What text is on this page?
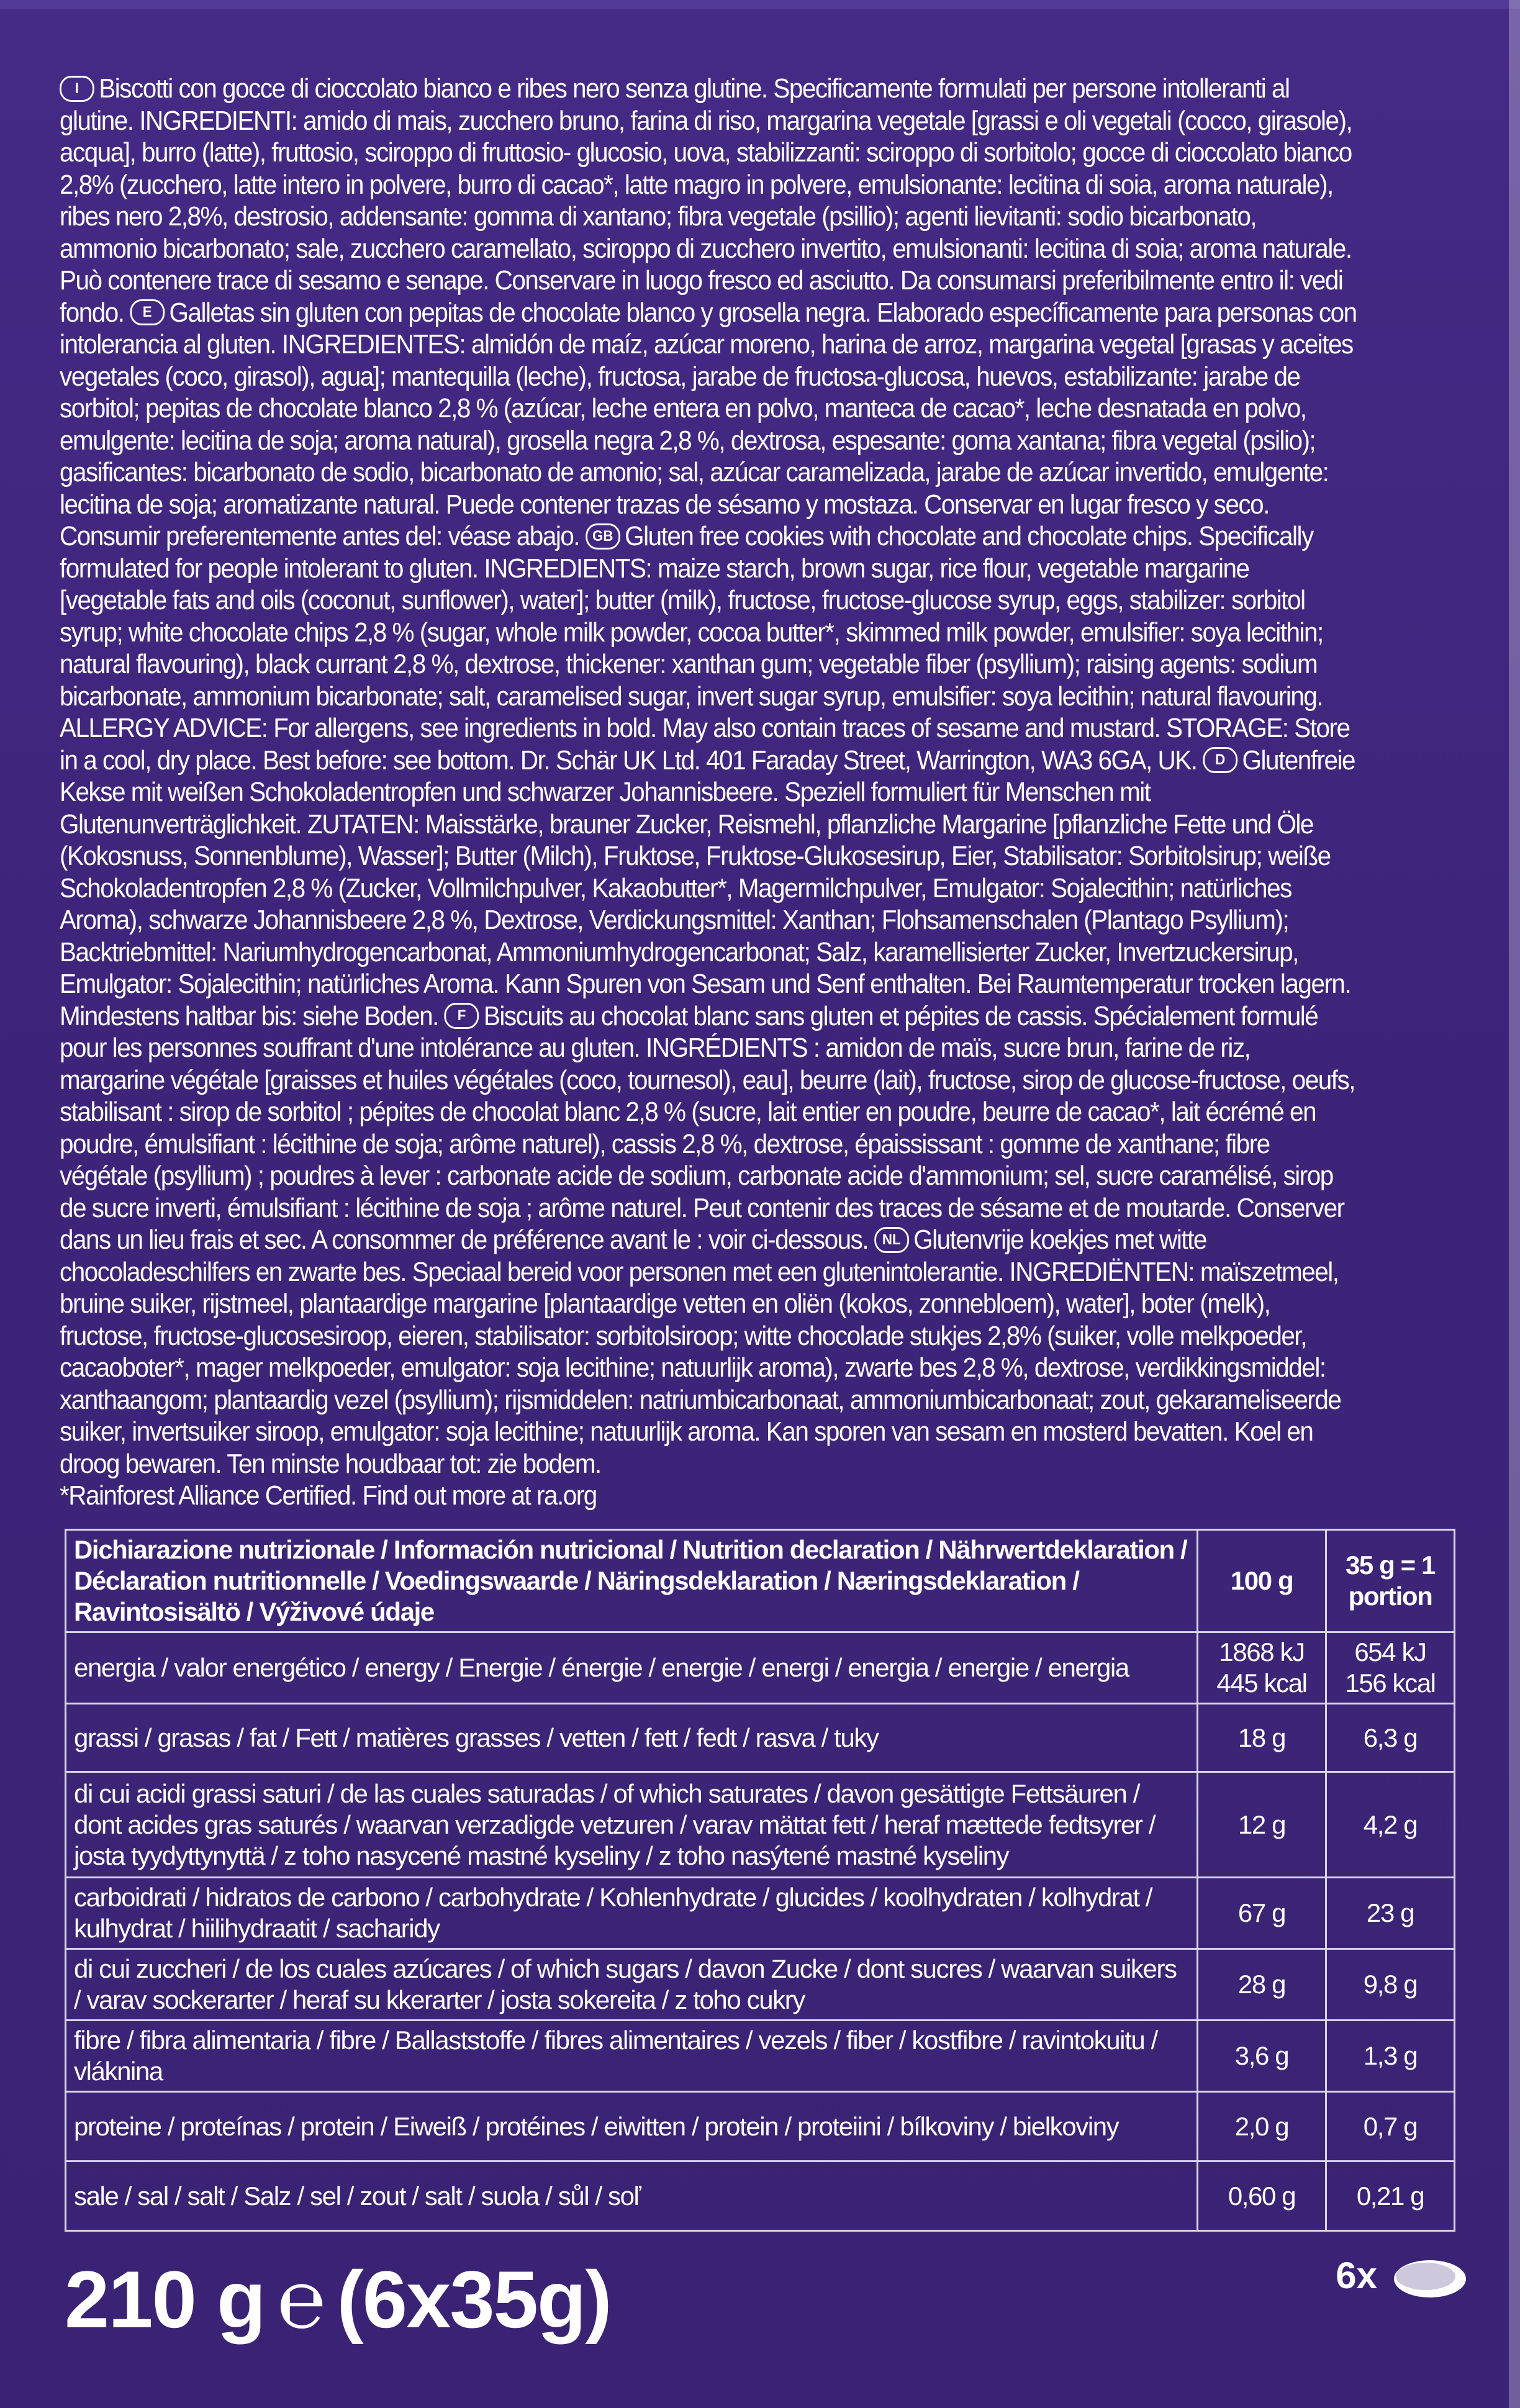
I Biscotti con gocce di cioccolato bianco e ribes nero senza glutine. Specificamente formulati per persone intolleranti al glutine. INGREDIENTI: amido di mais, zucchero bruno, farina di riso, margarina vegetale [grassi e oli vegetali (cocco, girasole), acqua], burro (latte), fruttosio, sciroppo di fruttosio- glucosio, uova, stabilizzanti: sciroppo di sorbitolo; gocce di cioccolato bianco 2,8% (zucchero, latte intero in polvere, burro di cacao*, latte magro in polvere, emulsionante: lecitina di soia, aroma naturale), ribes nero 2,8%, destrosio, addensante: gomma di xantano; fibra vegetale (psillio); agenti lievitanti: sodio bicarbonato, ammonio bicarbonato; sale, zucchero caramellato, sciroppo di zucchero invertito, emulsionanti: lecitina di soia; aroma naturale. Può contenere trace di sesamo e senape. Conservare in luogo fresco ed asciutto. Da consumarsi preferibilmente entro il: vedi fondo. E Galletas sin gluten con pepitas de chocolate blanco y grosella negra. Elaborado específicamente para personas con intolerancia al gluten. INGREDIENTES: almidón de maíz, azúcar moreno, harina de arroz, margarina vegetal [grasas y aceites vegetales (coco, girasol), agua]; mantequilla (leche), fructosa, jarabe de fructosa-glucosa, huevos, estabilizante: jarabe de sorbitol; pepitas de chocolate blanco 2,8 % (azúcar, leche entera en polvo, manteca de cacao*, leche desnatada en polvo, emulgente: lecitina de soja; aroma natural), grosella negra 2,8 %, dextrosa, espesante: goma xantana; fibra vegetal (psilio); gasificantes: bicarbonato de sodio, bicarbonato de amonio; sal, azúcar caramelizada, jarabe de azúcar invertido, emulgente: lecitina de soja; aromatizante natural. Puede contener trazas de sésamo y mostaza. Conservar en lugar fresco y seco. Consumir preferentemente antes del: véase abajo. GB Gluten free cookies with chocolate and chocolate chips. Specifically formulated for people intolerant to gluten. INGREDIENTS: maize starch, brown sugar, rice flour, vegetable margarine [vegetable fats and oils (coconut, sunflower), water]; butter (milk), fructose, fructose-glucose syrup, eggs, stabilizer: sorbitol syrup; white chocolate chips 2,8 % (sugar, whole milk powder, cocoa butter*, skimmed milk powder, emulsifier: soya lecithin; natural flavouring), black currant 2,8 %, dextrose, thickener: xanthan gum; vegetable fiber (psyllium); raising agents: sodium bicarbonate, ammonium bicarbonate; salt, caramelised sugar, invert sugar syrup, emulsifier: soya lecithin; natural flavouring. ALLERGY ADVICE: For allergens, see ingredients in bold. May also contain traces of sesame and mustard. STORAGE: Store in a cool, dry place. Best before: see bottom. Dr. Schär UK Ltd. 401 Faraday Street, Warrington, WA3 6GA, UK. D Glutenfreie Kekse mit weißen Schokoladentropfen und schwarzer Johannisbeere. Speziell formuliert für Menschen mit Glutenunverträglichkeit. ZUTATEN: Maisstärke, brauner Zucker, Reismehl, pflanzliche Margarine [pflanzliche Fette und Öle (Kokosnuss, Sonnenblume), Wasser]; Butter (Milch), Fruktose, Fruktose-Glukosesirup, Eier, Stabilisator: Sorbitolsirup; weiße Schokoladentropfen 2,8 % (Zucker, Vollmilchpulver, Kakaobutter*, Magermilchpulver, Emulgator: Sojalecithin; natürliches Aroma), schwarze Johannisbeere 2,8 %, Dextrose, Verdickungsmittel: Xanthan; Flohsamenschalen (Plantago Psyllium); Backtriebmittel: Nariumhydrogencarbonat, Ammoniumhydrogencarbonat; Salz, karamellisierter Zucker, Invertzuckersirup, Emulgator: Sojalecithin; natürliches Aroma. Kann Spuren von Sesam und Senf enthalten. Bei Raumtemperatur trocken lagern. Mindestens haltbar bis: siehe Boden. F Biscuits au chocolat blanc sans gluten et pépites de cassis. Spécialement formulé pour les personnes souffrant d'une intolérance au gluten. INGRÉDIENTS : amidon de maïs, sucre brun, farine de riz, margarine végétale [graisses et huiles végétales (coco, tournesol), eau], beurre (lait), fructose, sirop de glucose-fructose, oeufs, stabilisant : sirop de sorbitol ; pépites de chocolat blanc 2,8 % (sucre, lait entier en poudre, beurre de cacao*, lait écrémé en poudre, émulsifiant : lécithine de soja; arôme naturel), cassis 2,8 %, dextrose, épaississant : gomme de xanthane; fibre végétale (psyllium) ; poudres à lever : carbonate acide de sodium, carbonate acide d'ammonium; sel, sucre caramélisé, sirop de sucre inverti, émulsifiant : lécithine de soja ; arôme naturel. Peut contenir des traces de sésame et de moutarde. Conserver dans un lieu frais et sec. A consommer de préférence avant le : voir ci-dessous. NL Glutenvrije koekjes met witte chocoladeschilfers en zwarte bes. Speciaal bereid voor personen met een glutenintolerantie. INGREDIËNTEN: maïszetmeel, bruine suiker, rijstmeel, plantaardige margarine [plantaardige vetten en oliën (kokos, zonnebloem), water], boter (melk), fructose, fructose-glucosesiroop, eieren, stabilisator: sorbitolsiroop; witte chocolade stukjes 2,8% (suiker, volle melkpoeder, cacaoboter*, mager melkpoeder, emulgator: soja lecithine; natuurlijk aroma), zwarte bes 2,8 %, dextrose, verdikkingsmiddel: xanthaangom; plantaardig vezel (psyllium); rijsmiddelen: natriumbicarbonaat, ammoniumbicarbonaat; zout, gekarameliseerde suiker, invertsuiker siroop, emulgator: soja lecithine; natuurlijk aroma. Kan sporen van sesam en mosterd bevatten. Koel en droog bewaren. Ten minste houdbaar tot: zie bodem.

*Rainforest Alliance Certified. Find out more at ra.org

Dichiarazione nutrizionale / Información nutricional / Nutrition declaration / Nährwertdeklaration / Déclaration nutritionnelle / Voedingswaarde / Näringsdeklaration / Næringsdeklaration / Ravintosisältö / Výživové údaje	100 g	35 g = 1 portion
energia / valor energético / energy / Energie / énergie / energie / energi / energia / energie / energia	1868 kJ 445 kcal	654 kJ 156 kcal
grassi / grasas / fat / Fett / matières grasses / vetten / fett / fedt / rasva / tuky	18 g	6,3 g
di cui acidi grassi saturi / de las cuales saturadas / of which saturates / davon gesättigte Fettsäuren / dont acides gras saturés / waarvan verzadigde vetzuren / varav mättat fett / heraf mættede fedtsyrer / josta tyydyttynyttä / z toho nasycené mastné kyseliny / z toho nasýtené mastné kyseliny	12 g	4,2 g
carboidrati / hidratos de carbono / carbohydrate / Kohlenhydrate / glucides / koolhydraten / kolhydrat / kulhydrat / hiilihydraatit / sacharidy	67 g	23 g
di cui zuccheri / de los cuales azúcares / of which sugars / davon Zucke / dont sucres / waarvan suikers / varav sockerarter / heraf su kkerarter / josta sokereita / z toho cukry	28 g	9,8 g
fibre / fibra alimentaria / fibre / Ballaststoffe / fibres alimentaires / vezels / fiber / kostfibre / ravintokuitu / vláknina	3,6 g	1,3 g
proteine / proteínas / protein / Eiweiß / protéines / eiwitten / protein / proteiini / bílkoviny / bielkoviny	2,0 g	0,7 g
sale / sal / salt / Salz / sel / zout / salt / suola / sůl / soľ	0,60 g	0,21 g
210 g ℮ (6x35g)	6x
